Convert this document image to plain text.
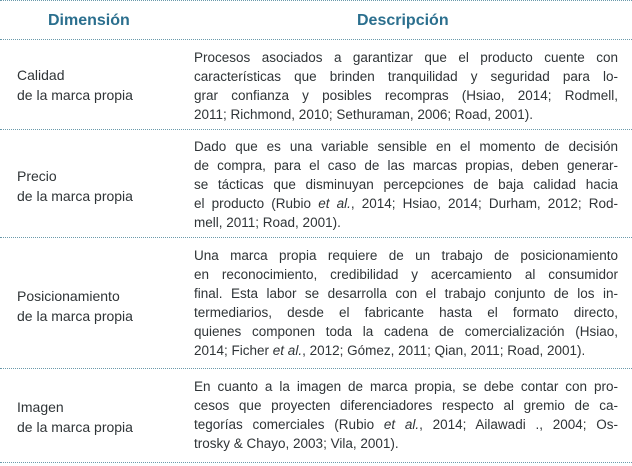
Dimensión	Descripción
Calidad
de la marca propia
Procesos asociados a garantizar que el producto cuente con
características que brinden tranquilidad y seguridad para lo-
grar confianza y posibles recompras (Hsiao, 2014; Rodmell,
2011; Richmond, 2010; Sethuraman, 2006; Road, 2001).
Precio
de la marca propia
Dado que es una variable sensible en el momento de decisión
de compra, para el caso de las marcas propias, deben generar-
se tácticas que disminuyan percepciones de baja calidad hacia
el producto (Rubio et al., 2014; Hsiao, 2014; Durham, 2012; Rod-
mell, 2011; Road, 2001).
Posicionamiento
de la marca propia
Una marca propia requiere de un trabajo de posicionamiento
en reconocimiento, credibilidad y acercamiento al consumidor
final. Esta labor se desarrolla con el trabajo conjunto de los in-
termediarios, desde el fabricante hasta el formato directo,
quienes componen toda la cadena de comercialización (Hsiao,
2014; Ficher et al., 2012; Gómez, 2011; Qian, 2011; Road, 2001).
Imagen
de la marca propia
En cuanto a la imagen de marca propia, se debe contar con pro-
cesos que proyecten diferenciadores respecto al gremio de ca-
tegorías comerciales (Rubio et al., 2014; Ailawadi ., 2004; Os-
trosky & Chayo, 2003; Vila, 2001).
